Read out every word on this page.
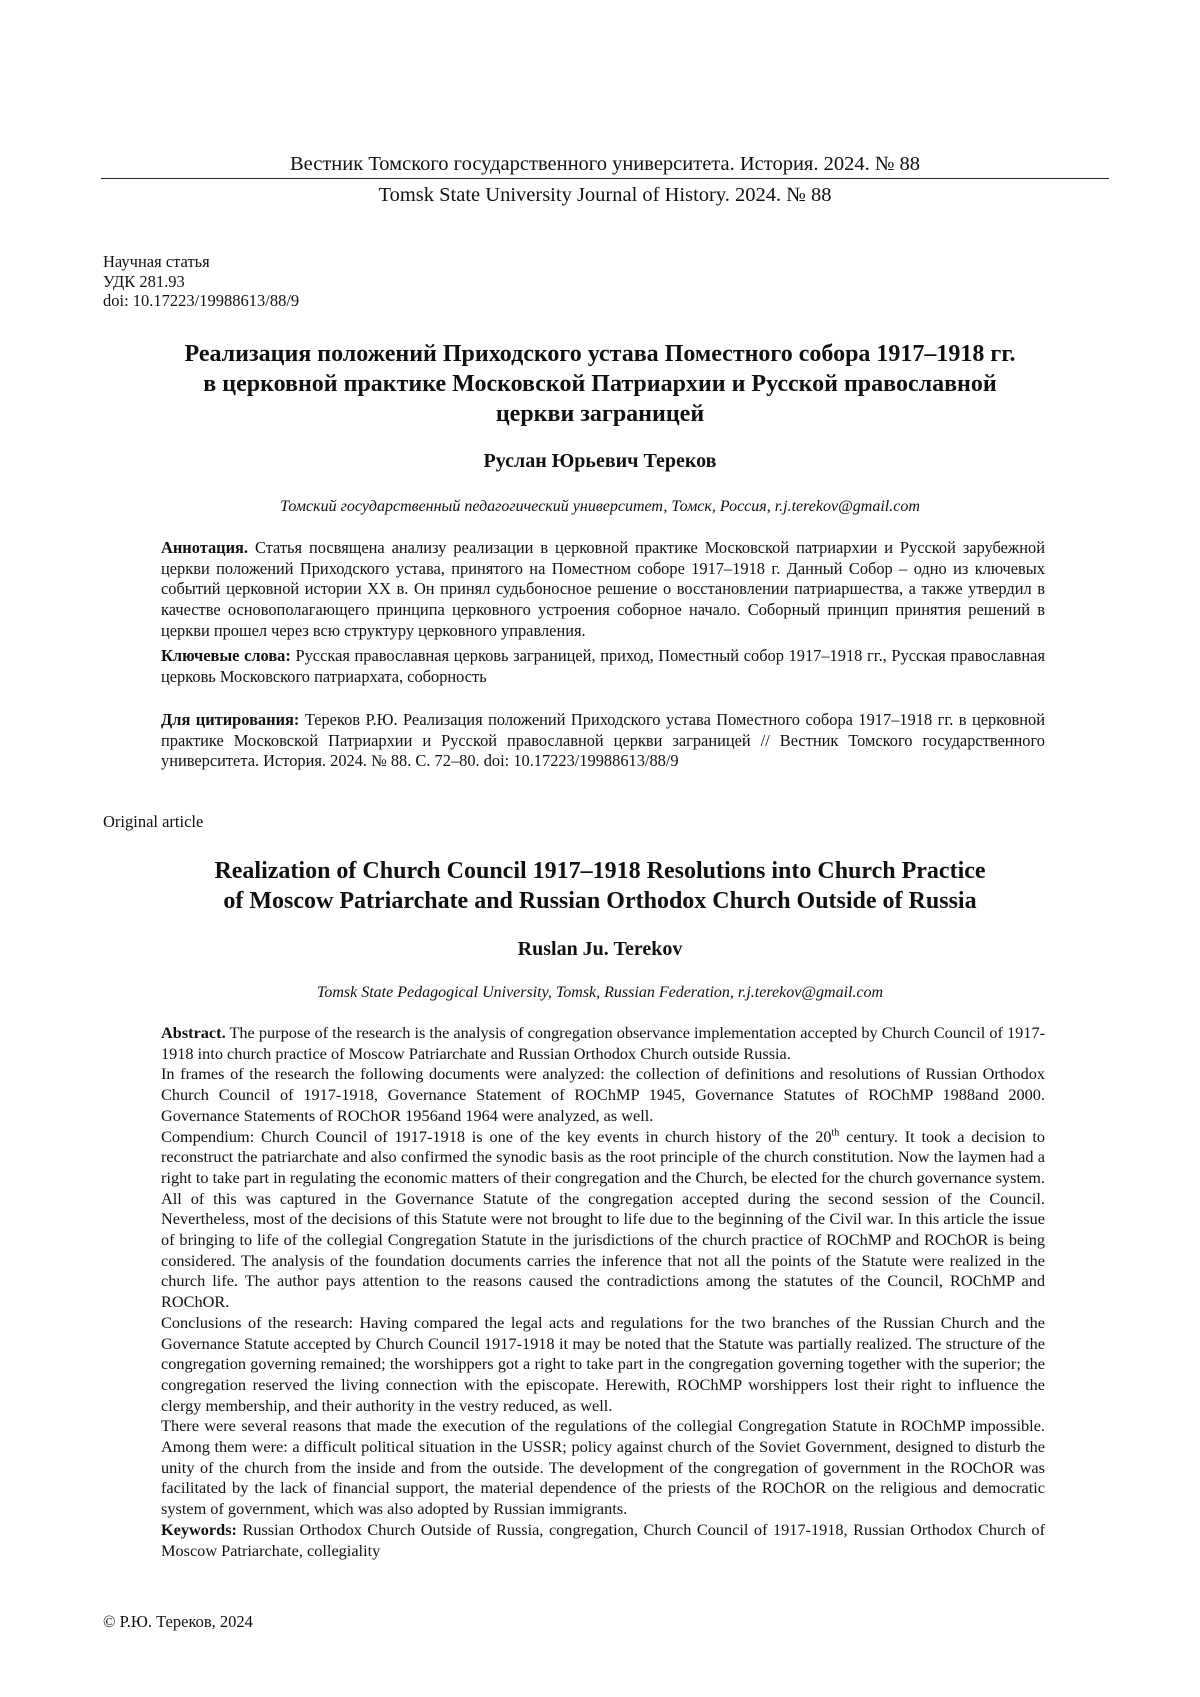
Вестник Томского государственного университета. История. 2024. № 88
Tomsk State University Journal of History. 2024. № 88
Научная статья
УДК 281.93
doi: 10.17223/19988613/88/9
Реализация положений Приходского устава Поместного собора 1917–1918 гг.
в церковной практике Московской Патриархии и Русской православной
церкви заграницей
Руслан Юрьевич Тереков
Томский государственный педагогический университет, Томск, Россия, r.j.terekov@gmail.com
Аннотация. Статья посвящена анализу реализации в церковной практике Московской патриархии и Русской зарубежной церкви положений Приходского устава, принятого на Поместном соборе 1917–1918 г. Данный Собор – одно из ключевых событий церковной истории XX в. Он принял судьбоносное решение о восстановлении патриаршества, а также утвердил в качестве основополагающего принципа церковного устроения соборное начало. Соборный принцип принятия решений в церкви прошел через всю структуру церковного управления.
Ключевые слова: Русская православная церковь заграницей, приход, Поместный собор 1917–1918 гг., Русская православная церковь Московского патриархата, соборность
Для цитирования: Тереков Р.Ю. Реализация положений Приходского устава Поместного собора 1917–1918 гг. в церковной практике Московской Патриархии и Русской православной церкви заграницей // Вестник Томского государственного университета. История. 2024. № 88. С. 72–80. doi: 10.17223/19988613/88/9
Original article
Realization of Church Council 1917–1918 Resolutions into Church Practice
of Moscow Patriarchate and Russian Orthodox Church Outside of Russia
Ruslan Ju. Terekov
Tomsk State Pedagogical University, Tomsk, Russian Federation, r.j.terekov@gmail.com
Abstract. The purpose of the research is the analysis of congregation observance implementation accepted by Church Council of 1917-1918 into church practice of Moscow Patriarchate and Russian Orthodox Church outside Russia.
In frames of the research the following documents were analyzed: the collection of definitions and resolutions of Russian Orthodox Church Council of 1917-1918, Governance Statement of ROChMP 1945, Governance Statutes of ROChMP 1988and 2000. Governance Statements of ROChOR 1956and 1964 were analyzed, as well.
Compendium: Church Council of 1917-1918 is one of the key events in church history of the 20th century. It took a decision to reconstruct the patriarchate and also confirmed the synodic basis as the root principle of the church constitution. Now the laymen had a right to take part in regulating the economic matters of their congregation and the Church, be elected for the church governance system. All of this was captured in the Governance Statute of the congregation accepted during the second session of the Council. Nevertheless, most of the decisions of this Statute were not brought to life due to the beginning of the Civil war. In this article the issue of bringing to life of the collegial Congregation Statute in the jurisdictions of the church practice of ROChMP and ROChOR is being considered. The analysis of the foundation documents carries the inference that not all the points of the Statute were realized in the church life. The author pays attention to the reasons caused the contradictions among the statutes of the Council, ROChMP and ROChOR.
Conclusions of the research: Having compared the legal acts and regulations for the two branches of the Russian Church and the Governance Statute accepted by Church Council 1917-1918 it may be noted that the Statute was partially realized. The structure of the congregation governing remained; the worshippers got a right to take part in the congregation governing together with the superior; the congregation reserved the living connection with the episcopate. Herewith, ROChMP worshippers lost their right to influence the clergy membership, and their authority in the vestry reduced, as well.
There were several reasons that made the execution of the regulations of the collegial Congregation Statute in ROChMP impossible. Among them were: a difficult political situation in the USSR; policy against church of the Soviet Government, designed to disturb the unity of the church from the inside and from the outside. The development of the congregation of government in the ROChOR was facilitated by the lack of financial support, the material dependence of the priests of the ROChOR on the religious and democratic system of government, which was also adopted by Russian immigrants.
Keywords: Russian Orthodox Church Outside of Russia, congregation, Church Council of 1917-1918, Russian Orthodox Church of Moscow Patriarchate, collegiality
© Р.Ю. Тереков, 2024
